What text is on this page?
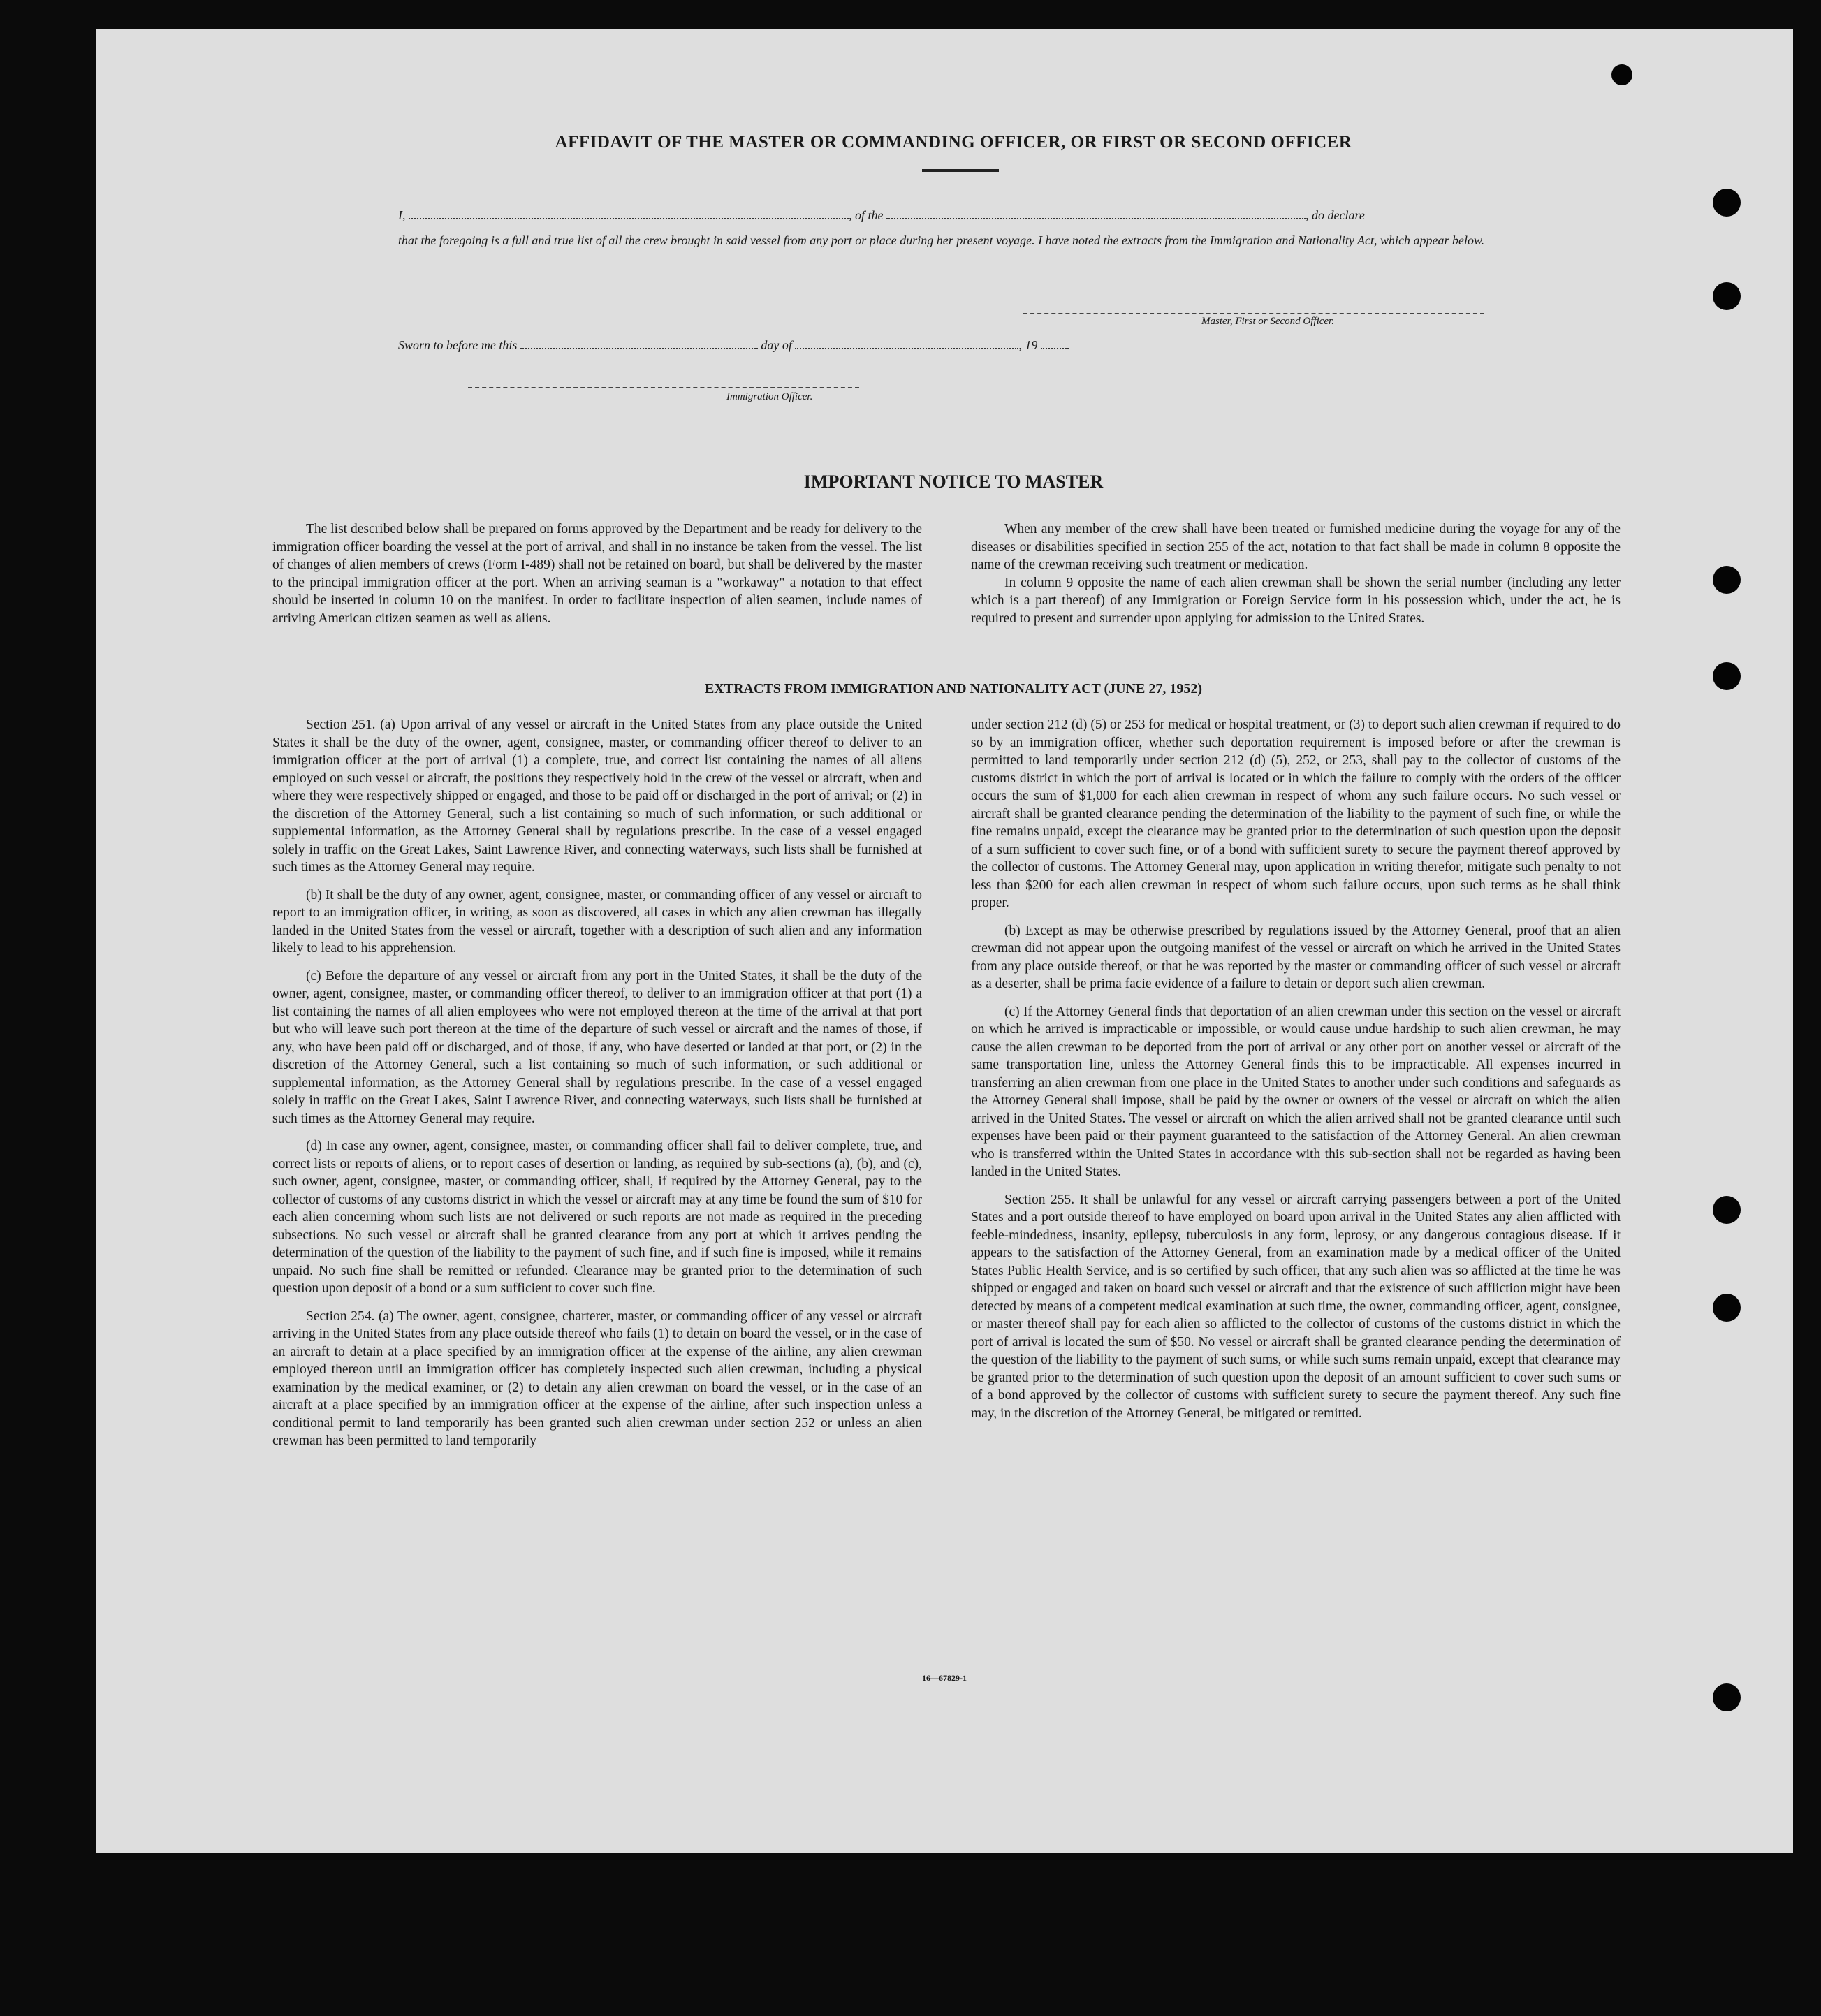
AFFIDAVIT OF THE MASTER OR COMMANDING OFFICER, OR FIRST OR SECOND OFFICER
I,	, of the	, do declare
that the foregoing is a full and true list of all the crew brought in said vessel from any port or place during her present voyage. I have noted the extracts from the Immigration and Nationality Act, which appear below.
Master, First or Second Officer.
Sworn to before me this	day of	, 19
Immigration Officer.
IMPORTANT NOTICE TO MASTER

The list described below shall be prepared on forms approved by the Department and be ready for delivery to the immigration officer boarding the vessel at the port of arrival, and shall in no instance be taken from the vessel. The list of changes of alien members of crews (Form I-489) shall not be retained on board, but shall be delivered by the master to the principal immigration officer at the port. When an arriving seaman is a "workaway" a notation to that effect should be inserted in column 10 on the manifest. In order to facilitate inspection of alien seamen, include names of arriving American citizen seamen as well as aliens.

When any member of the crew shall have been treated or furnished medicine during the voyage for any of the diseases or disabilities specified in section 255 of the act, notation to that fact shall be made in column 8 opposite the name of the crewman receiving such treatment or medication.

In column 9 opposite the name of each alien crewman shall be shown the serial number (including any letter which is a part thereof) of any Immigration or Foreign Service form in his possession which, under the act, he is required to present and surrender upon applying for admission to the United States.

EXTRACTS FROM IMMIGRATION AND NATIONALITY ACT (JUNE 27, 1952)

Section 251. (a) Upon arrival of any vessel or aircraft in the United States from any place outside the United States it shall be the duty of the owner, agent, consignee, master, or commanding officer thereof to deliver to an immigration officer at the port of arrival (1) a complete, true, and correct list containing the names of all aliens employed on such vessel or aircraft, the positions they respectively hold in the crew of the vessel or aircraft, when and where they were respectively shipped or engaged, and those to be paid off or discharged in the port of arrival; or (2) in the discretion of the Attorney General, such a list containing so much of such information, or such additional or supplemental information, as the Attorney General shall by regulations prescribe. In the case of a vessel engaged solely in traffic on the Great Lakes, Saint Lawrence River, and connecting waterways, such lists shall be furnished at such times as the Attorney General may require.

(b) It shall be the duty of any owner, agent, consignee, master, or commanding officer of any vessel or aircraft to report to an immigration officer, in writing, as soon as discovered, all cases in which any alien crewman has illegally landed in the United States from the vessel or aircraft, together with a description of such alien and any information likely to lead to his apprehension.

(c) Before the departure of any vessel or aircraft from any port in the United States, it shall be the duty of the owner, agent, consignee, master, or commanding officer thereof, to deliver to an immigration officer at that port (1) a list containing the names of all alien employees who were not employed thereon at the time of the arrival at that port but who will leave such port thereon at the time of the departure of such vessel or aircraft and the names of those, if any, who have been paid off or discharged, and of those, if any, who have deserted or landed at that port, or (2) in the discretion of the Attorney General, such a list containing so much of such information, or such additional or supplemental information, as the Attorney General shall by regulations prescribe. In the case of a vessel engaged solely in traffic on the Great Lakes, Saint Lawrence River, and connecting waterways, such lists shall be furnished at such times as the Attorney General may require.

(d) In case any owner, agent, consignee, master, or commanding officer shall fail to deliver complete, true, and correct lists or reports of aliens, or to report cases of desertion or landing, as required by sub-sections (a), (b), and (c), such owner, agent, consignee, master, or commanding officer, shall, if required by the Attorney General, pay to the collector of customs of any customs district in which the vessel or aircraft may at any time be found the sum of $10 for each alien concerning whom such lists are not delivered or such reports are not made as required in the preceding subsections. No such vessel or aircraft shall be granted clearance from any port at which it arrives pending the determination of the question of the liability to the payment of such fine, and if such fine is imposed, while it remains unpaid. No such fine shall be remitted or refunded. Clearance may be granted prior to the determination of such question upon deposit of a bond or a sum sufficient to cover such fine.

Section 254. (a) The owner, agent, consignee, charterer, master, or commanding officer of any vessel or aircraft arriving in the United States from any place outside thereof who fails (1) to detain on board the vessel, or in the case of an aircraft to detain at a place specified by an immigration officer at the expense of the airline, any alien crewman employed thereon until an immigration officer has completely inspected such alien crewman, including a physical examination by the medical examiner, or (2) to detain any alien crewman on board the vessel, or in the case of an aircraft at a place specified by an immigration officer at the expense of the airline, after such inspection unless a conditional permit to land temporarily has been granted such alien crewman under section 252 or unless an alien crewman has been permitted to land temporarily

under section 212 (d) (5) or 253 for medical or hospital treatment, or (3) to deport such alien crewman if required to do so by an immigration officer, whether such deportation requirement is imposed before or after the crewman is permitted to land temporarily under section 212 (d) (5), 252, or 253, shall pay to the collector of customs of the customs district in which the port of arrival is located or in which the failure to comply with the orders of the officer occurs the sum of $1,000 for each alien crewman in respect of whom any such failure occurs. No such vessel or aircraft shall be granted clearance pending the determination of the liability to the payment of such fine, or while the fine remains unpaid, except the clearance may be granted prior to the determination of such question upon the deposit of a sum sufficient to cover such fine, or of a bond with sufficient surety to secure the payment thereof approved by the collector of customs. The Attorney General may, upon application in writing therefor, mitigate such penalty to not less than $200 for each alien crewman in respect of whom such failure occurs, upon such terms as he shall think proper.

(b) Except as may be otherwise prescribed by regulations issued by the Attorney General, proof that an alien crewman did not appear upon the outgoing manifest of the vessel or aircraft on which he arrived in the United States from any place outside thereof, or that he was reported by the master or commanding officer of such vessel or aircraft as a deserter, shall be prima facie evidence of a failure to detain or deport such alien crewman.

(c) If the Attorney General finds that deportation of an alien crewman under this section on the vessel or aircraft on which he arrived is impracticable or impossible, or would cause undue hardship to such alien crewman, he may cause the alien crewman to be deported from the port of arrival or any other port on another vessel or aircraft of the same transportation line, unless the Attorney General finds this to be impracticable. All expenses incurred in transferring an alien crewman from one place in the United States to another under such conditions and safeguards as the Attorney General shall impose, shall be paid by the owner or owners of the vessel or aircraft on which the alien arrived in the United States. The vessel or aircraft on which the alien arrived shall not be granted clearance until such expenses have been paid or their payment guaranteed to the satisfaction of the Attorney General. An alien crewman who is transferred within the United States in accordance with this sub-section shall not be regarded as having been landed in the United States.

Section 255. It shall be unlawful for any vessel or aircraft carrying passengers between a port of the United States and a port outside thereof to have employed on board upon arrival in the United States any alien afflicted with feeble-mindedness, insanity, epilepsy, tuberculosis in any form, leprosy, or any dangerous contagious disease. If it appears to the satisfaction of the Attorney General, from an examination made by a medical officer of the United States Public Health Service, and is so certified by such officer, that any such alien was so afflicted at the time he was shipped or engaged and taken on board such vessel or aircraft and that the existence of such affliction might have been detected by means of a competent medical examination at such time, the owner, commanding officer, agent, consignee, or master thereof shall pay for each alien so afflicted to the collector of customs of the customs district in which the port of arrival is located the sum of $50. No vessel or aircraft shall be granted clearance pending the determination of the question of the liability to the payment of such sums, or while such sums remain unpaid, except that clearance may be granted prior to the determination of such question upon the deposit of an amount sufficient to cover such sums or of a bond approved by the collector of customs with sufficient surety to secure the payment thereof. Any such fine may, in the discretion of the Attorney General, be mitigated or remitted.

16—67829-1
